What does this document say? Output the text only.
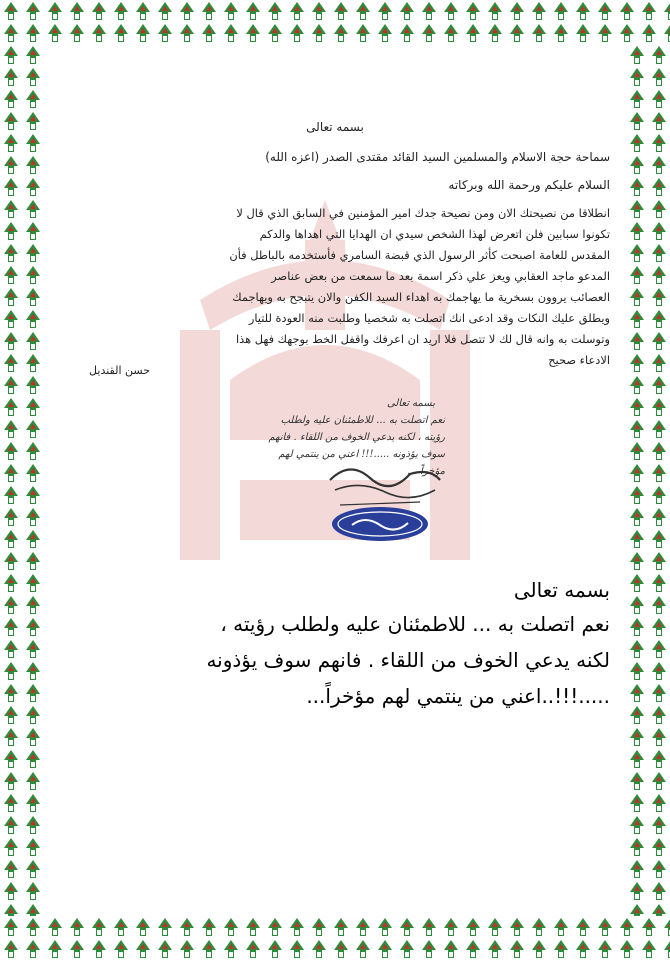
بسمه تعالى
سماحة حجة الاسلام والمسلمين السيد القائد مقتدى الصدر (اعزه الله)
السلام عليكم ورحمة الله وبركاته
انطلاقا من نصيحتك الان ومن نصيحة جدك امير المؤمنين في السابق الذي قال لا
تكونوا سبابين فلن اتعرض لهذا الشخص سيدي ان الهدايا التي اهداها والدكم
المقدس للعامة اصبحت كأثر الرسول الذي قبضة السامري فأستخدمه بالباطل فأن
المدعو ماجد العقابي ويعز علي ذكر اسمة بعد ما سمعت من بعض عناصر
العصائب يروون بسخرية ما يهاجمك به اهداء السيد الكفن والان يتبجح به ويهاجمك
ويطلق عليك النكات وقد ادعى انك اتصلت به شخصيا وطلبت منه العودة للتيار
وتوسلت به وانه قال لك لا تتصل فلا اريد ان اعرفك واقفل الخط بوجهك فهل هذا
الادعاء صحيح
حسن القنديل
بسمه تعالى
نعم اتصلت به ... للاطمئنان عليه ولطلب
رؤيته ، لكنه يدعي الخوف من اللقاء . فانهم
سوف يؤذونه .....!!! اعني من ينتمي لهم
مؤخراً ...
بسمه تعالى
نعم اتصلت به ... للاطمئنان عليه ولطلب رؤيته ،
لكنه يدعي الخوف من اللقاء . فانهم سوف يؤذونه
.....!!!..اعني من ينتمي لهم مؤخراً...
